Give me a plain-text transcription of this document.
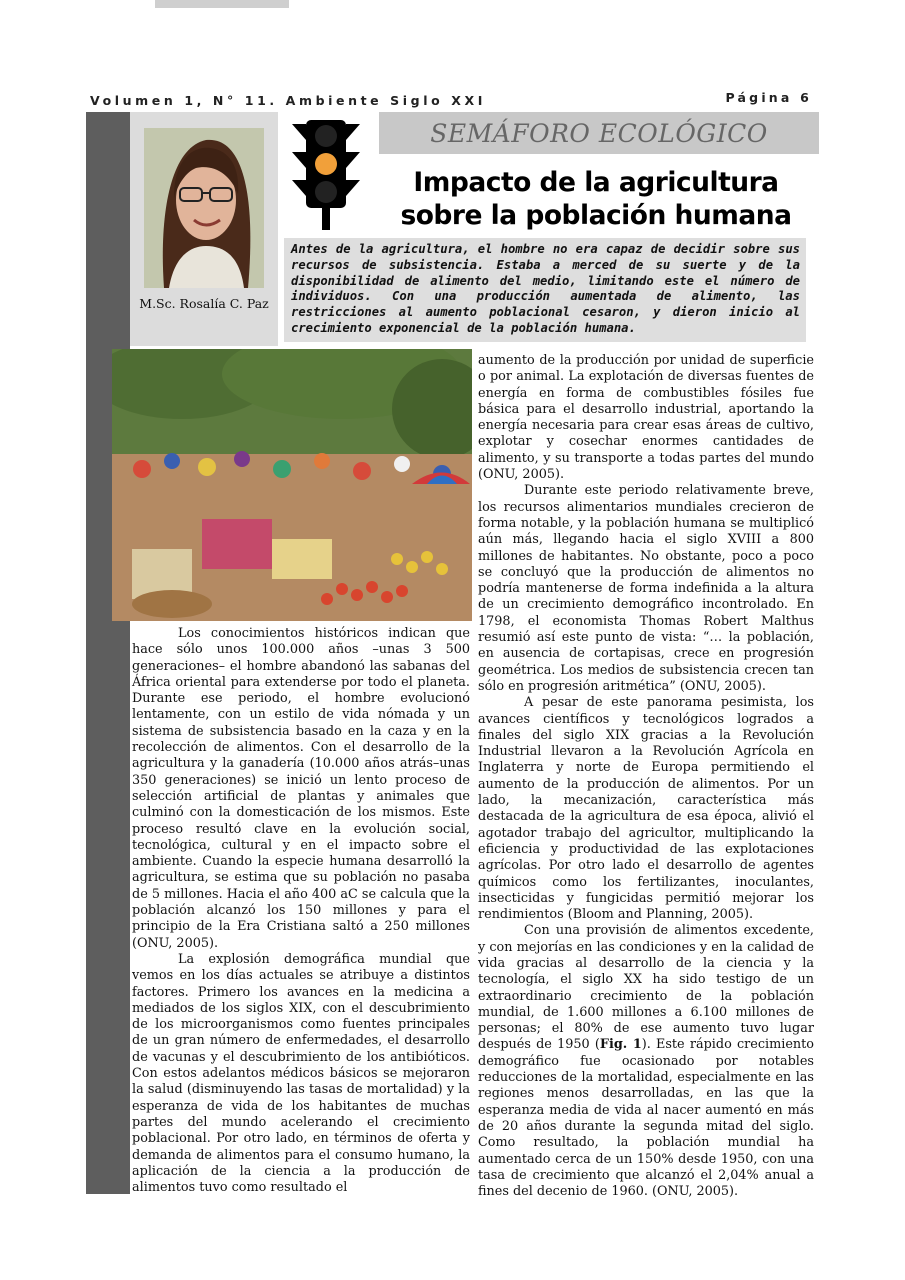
Volumen 1, N° 11. Ambiente Siglo XXI	Página 6
M.Sc. Rosalía C. Paz
SEMÁFORO ECOLÓGICO
Impacto de la agricultura sobre la población humana

Antes de la agricultura, el hombre no era capaz de decidir sobre sus recursos de subsistencia. Estaba a merced de su suerte y de la disponibilidad de alimento del medio, limitando este el número de individuos. Con una producción aumentada de alimento, las restricciones al aumento poblacional cesaron, y dieron inicio al crecimiento exponencial de la población humana.

Los conocimientos históricos indican que hace sólo unos 100.000 años –unas 3 500 generaciones– el hombre abandonó las sabanas del África oriental para extenderse por todo el planeta. Durante ese periodo, el hombre evolucionó lentamente, con un estilo de vida nómada y un sistema de subsistencia basado en la caza y en la recolección de alimentos. Con el desarrollo de la agricultura y la ganadería (10.000 años atrás–unas 350 generaciones) se inició un lento proceso de selección artificial de plantas y animales que culminó con la domesticación de los mismos. Este proceso resultó clave en la evolución social, tecnológica, cultural y en el impacto sobre el ambiente. Cuando la especie humana desarrolló la agricultura, se estima que su población no pasaba de 5 millones. Hacia el año 400 aC se calcula que la población alcanzó los 150 millones y para el principio de la Era Cristiana saltó a 250 millones (ONU, 2005).

La explosión demográfica mundial que vemos en los días actuales se atribuye a distintos factores. Primero los avances en la medicina a mediados de los siglos XIX, con el descubrimiento de los microorganismos como fuentes principales de un gran número de enfermedades, el desarrollo de vacunas y el descubrimiento de los antibióticos. Con estos adelantos médicos básicos se mejoraron la salud (disminuyendo las tasas de mortalidad) y la esperanza de vida de los habitantes de muchas partes del mundo acelerando el crecimiento poblacional. Por otro lado, en términos de oferta y demanda de alimentos para el consumo humano, la aplicación de la ciencia a la producción de alimentos tuvo como resultado el

aumento de la producción por unidad de superficie o por animal. La explotación de diversas fuentes de energía en forma de combustibles fósiles fue básica para el desarrollo industrial, aportando la energía necesaria para crear esas áreas de cultivo, explotar y cosechar enormes cantidades de alimento, y su transporte a todas partes del mundo (ONU, 2005).

Durante este periodo relativamente breve, los recursos alimentarios mundiales crecieron de forma notable, y la población humana se multiplicó aún más, llegando hacia el siglo XVIII a 800 millones de habitantes. No obstante, poco a poco se concluyó que la producción de alimentos no podría mantenerse de forma indefinida a la altura de un crecimiento demográfico incontrolado. En 1798, el economista Thomas Robert Malthus resumió así este punto de vista: “… la población, en ausencia de cortapisas, crece en progresión geométrica. Los medios de subsistencia crecen tan sólo en progresión aritmética” (ONU, 2005).

A pesar de este panorama pesimista, los avances científicos y tecnológicos logrados a finales del siglo XIX gracias a la Revolución Industrial llevaron a la Revolución Agrícola en Inglaterra y norte de Europa permitiendo el aumento de la producción de alimentos. Por un lado, la mecanización, característica más destacada de la agricultura de esa época, alivió el agotador trabajo del agricultor, multiplicando la eficiencia y productividad de las explotaciones agrícolas. Por otro lado el desarrollo de agentes químicos como los fertilizantes, inoculantes, insecticidas y fungicidas permitió mejorar los rendimientos (Bloom and Planning, 2005).

Con una provisión de alimentos excedente, y con mejorías en las condiciones y en la calidad de vida gracias al desarrollo de la ciencia y la tecnología, el siglo XX ha sido testigo de un extraordinario crecimiento de la población mundial, de 1.600 millones a 6.100 millones de personas; el 80% de ese aumento tuvo lugar después de 1950 (Fig. 1). Este rápido crecimiento demográfico fue ocasionado por notables reducciones de la mortalidad, especialmente en las regiones menos desarrolladas, en las que la esperanza media de vida al nacer aumentó en más de 20 años durante la segunda mitad del siglo. Como resultado, la población mundial ha aumentado cerca de un 150% desde 1950, con una tasa de crecimiento que alcanzó el 2,04% anual a fines del decenio de 1960. (ONU, 2005).
